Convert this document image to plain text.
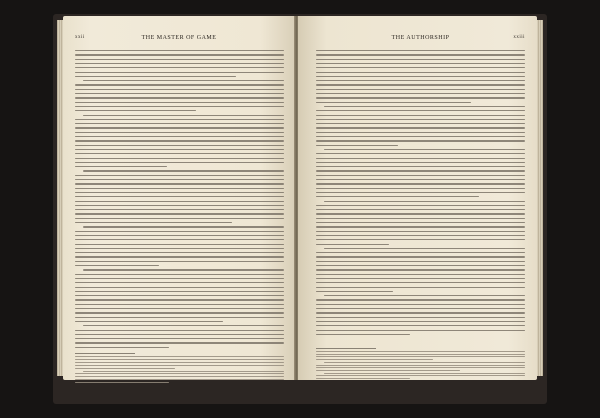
xxii	THE MASTER OF GAME	THE AUTHORSHIP	xxiii
